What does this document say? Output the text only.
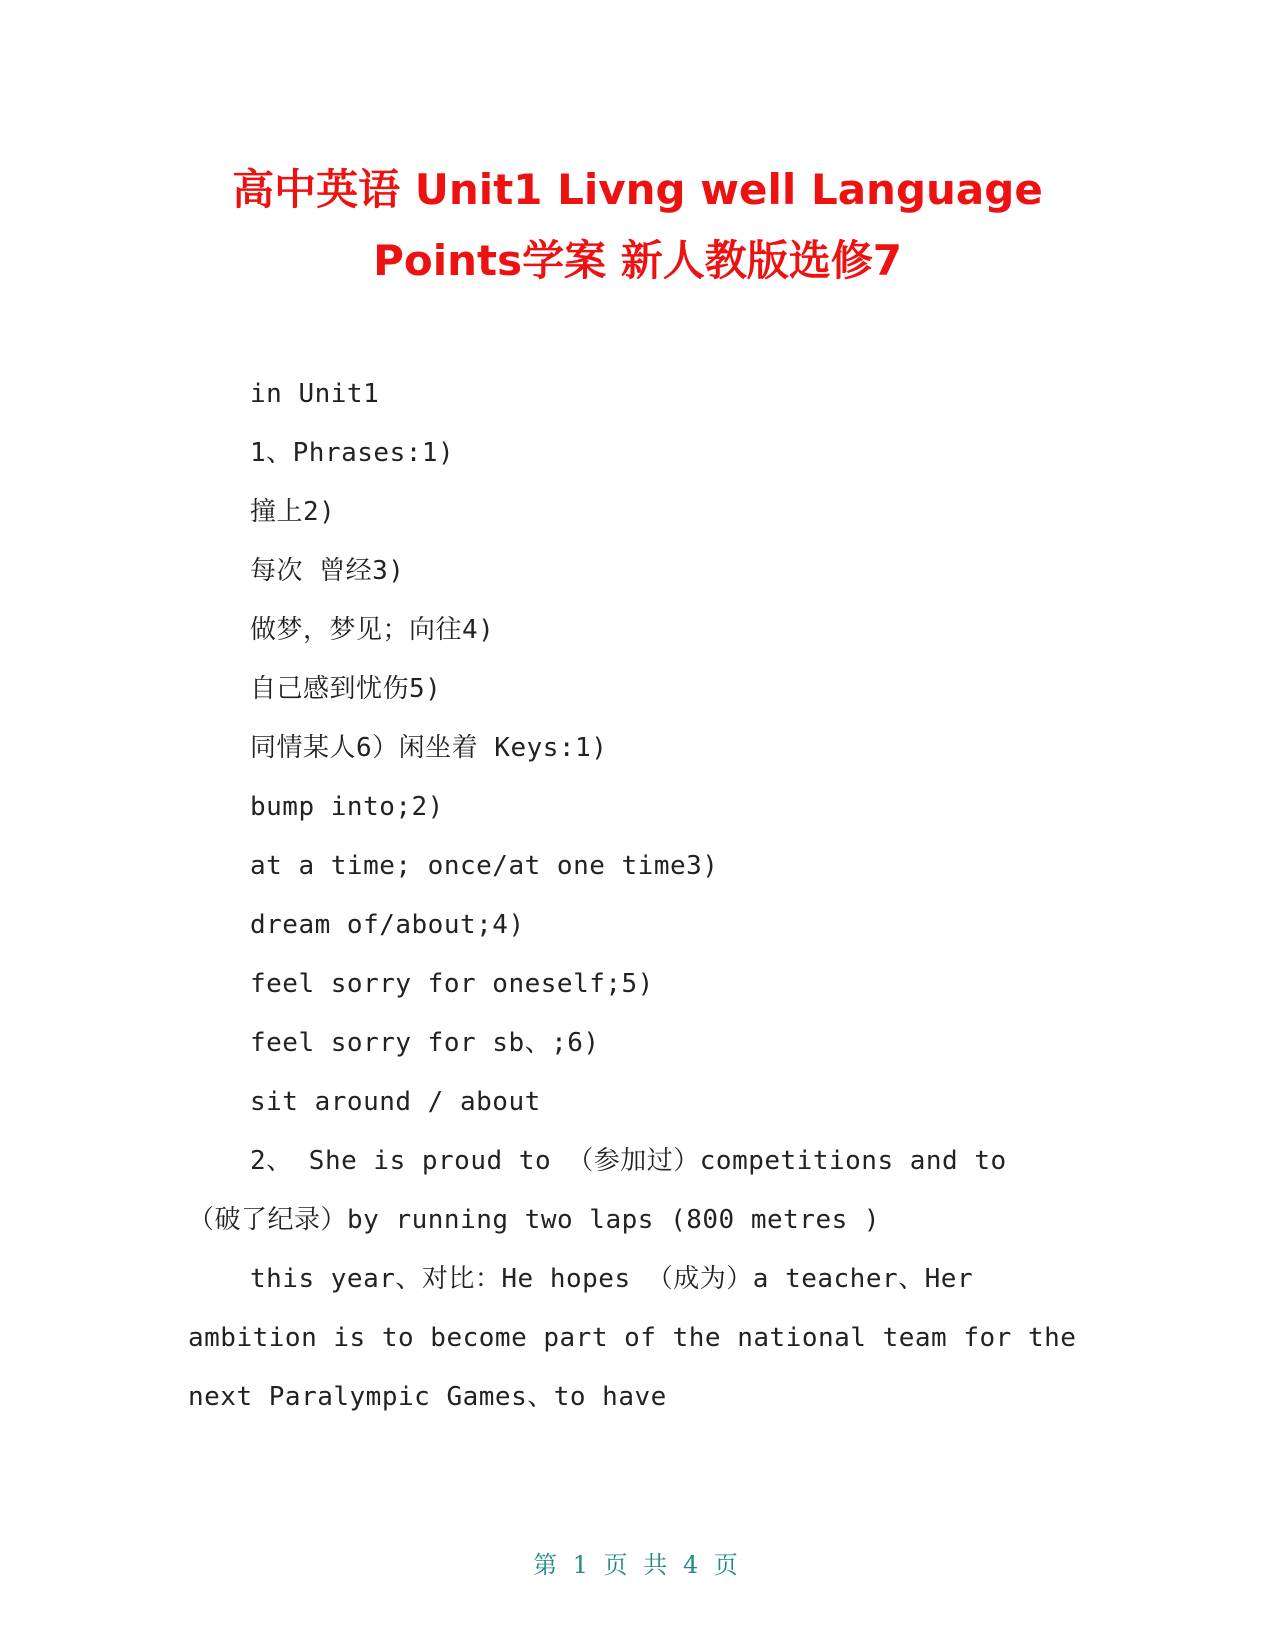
高中英语 Unit1 Livng well Language
Points学案 新人教版选修7
in Unit1
1、Phrases:1)
撞上2)
每次 曾经3)
做梦，梦见；向往4)
自己感到忧伤5)
同情某人6）闲坐着 Keys:1)
bump into;2)
at a time; once/at one time3)
dream of/about;4)
feel sorry for oneself;5)
feel sorry for sb、;6)
sit around / about
2、 She is proud to （参加过）competitions and to
（破了纪录）by running two laps (800 metres )
this year、对比：He hopes （成为）a teacher、Her
ambition is to become part of the national team for the
next Paralympic Games、to have
第 1 页 共 4 页
